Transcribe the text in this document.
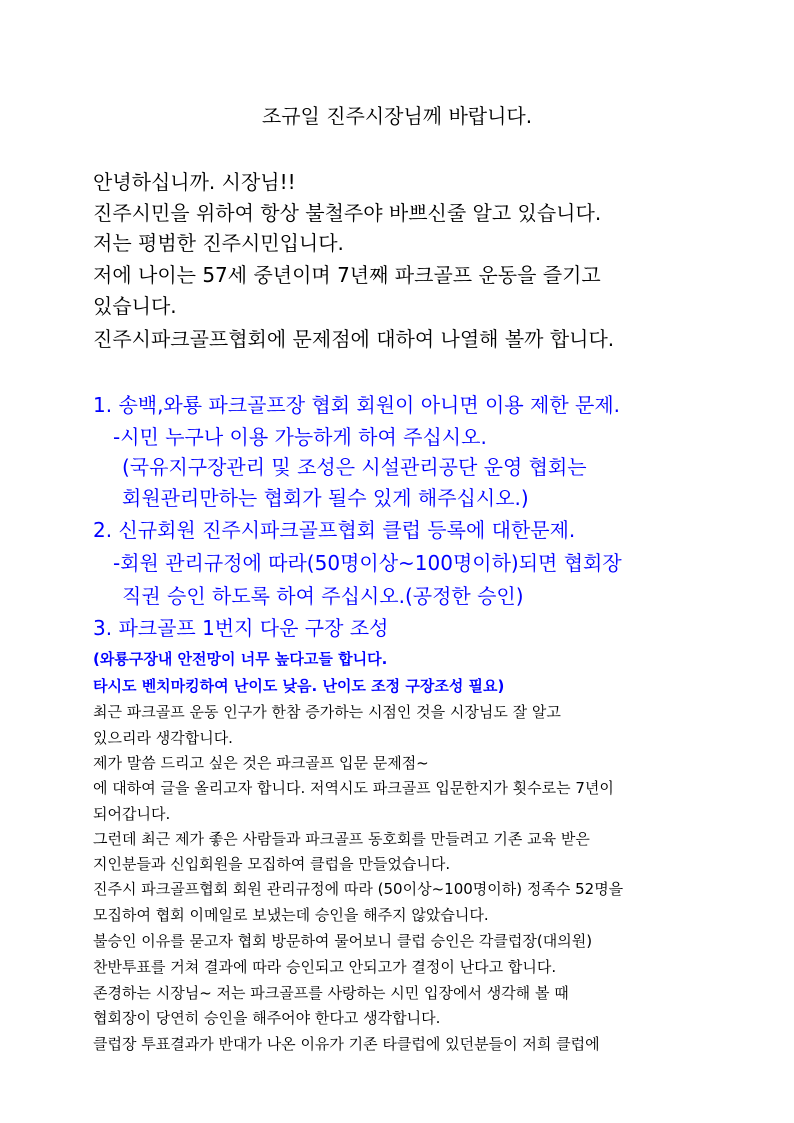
조규일 진주시장님께 바랍니다.
안녕하십니까. 시장님!!
진주시민을 위하여 항상 불철주야 바쁘신줄 알고 있습니다.
저는 평범한 진주시민입니다.
저에 나이는 57세 중년이며 7년째 파크골프 운동을 즐기고
있습니다.
진주시파크골프협회에 문제점에 대하여 나열해 볼까 합니다.
1. 송백,와룡 파크골프장 협회 회원이 아니면 이용 제한 문제.
-시민 누구나 이용 가능하게 하여 주십시오.
(국유지구장관리 및 조성은 시설관리공단 운영 협회는
회원관리만하는 협회가 될수 있게 해주십시오.)
2. 신규회원 진주시파크골프협회 클럽 등록에 대한문제.
-회원 관리규정에 따라(50명이상~100명이하)되면 협회장
직권 승인 하도록 하여 주십시오.(공정한 승인)
3. 파크골프 1번지 다운 구장 조성
(와룡구장내 안전망이 너무 높다고들 합니다.
타시도 벤치마킹하여 난이도 낮음. 난이도 조정 구장조성 필요)
최근 파크골프 운동 인구가 한참 증가하는 시점인 것을 시장님도 잘 알고
있으리라 생각합니다.
제가 말씀 드리고 싶은 것은 파크골프 입문 문제점~
에 대하여 글을 올리고자 합니다. 저역시도 파크골프 입문한지가 횟수로는 7년이
되어갑니다.
그런데 최근 제가 좋은 사람들과 파크골프 동호회를 만들려고 기존 교육 받은
지인분들과 신입회원을 모집하여 클럽을 만들었습니다.
진주시 파크골프협회 회원 관리규정에 따라 (50이상~100명이하) 정족수 52명을
모집하여 협회 이메일로 보냈는데 승인을 해주지 않았습니다.
불승인 이유를 묻고자 협회 방문하여 물어보니 클럽 승인은 각클럽장(대의원)
찬반투표를 거쳐 결과에 따라 승인되고 안되고가 결정이 난다고 합니다.
존경하는 시장님~ 저는 파크골프를 사랑하는 시민 입장에서 생각해 볼 때
협회장이 당연히 승인을 해주어야 한다고 생각합니다.
클럽장 투표결과가 반대가 나온 이유가 기존 타클럽에 있던분들이 저희 클럽에
